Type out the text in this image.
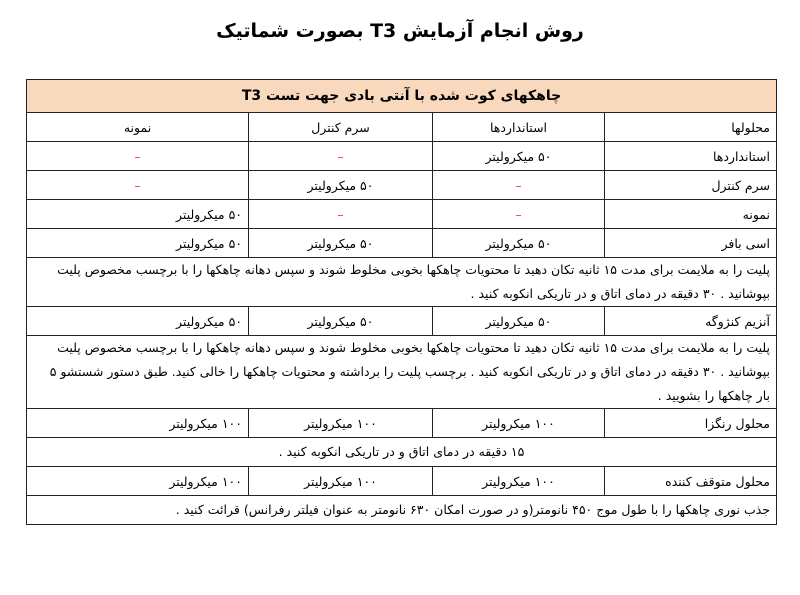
روش انجام آزمایش T3 بصورت شماتیک
چاهکهای کوت شده با آنتی بادی جهت تست T3			
محلولها	استانداردها	سرم کنترل	نمونه
استانداردها	۵۰ میکرولیتر	–	–
سرم کنترل	–	۵۰ میکرولیتر	–
نمونه	–	–	۵۰ میکرولیتر
اسی بافر	۵۰ میکرولیتر	۵۰ میکرولیتر	۵۰ میکرولیتر
پلیت را به ملایمت برای مدت ۱۵ ثانیه تکان دهید تا محتویات چاهکها بخوبی مخلوط شوند و سپس دهانه چاهکها را با برچسب مخصوص پلیت بپوشانید . ۳۰ دقیقه در دمای اتاق و در تاریکی انکوبه کنید .			
آنزیم کنژوگه	۵۰ میکرولیتر	۵۰ میکرولیتر	۵۰ میکرولیتر
پلیت را به ملایمت برای مدت ۱۵ ثانیه تکان دهید تا محتویات چاهکها بخوبی مخلوط شوند و سپس دهانه چاهکها را با برچسب مخصوص پلیت بپوشانید . ۳۰ دقیقه در دمای اتاق و در تاریکی انکوبه کنید . برچسب پلیت را برداشته و محتویات چاهکها را خالی کنید. طبق دستور شستشو ۵ بار چاهکها را بشویید .			
محلول رنگزا	۱۰۰ میکرولیتر	۱۰۰ میکرولیتر	۱۰۰ میکرولیتر
۱۵ دقیقه در دمای اتاق و در تاریکی انکوبه کنید .			
محلول متوقف کننده	۱۰۰ میکرولیتر	۱۰۰ میکرولیتر	۱۰۰ میکرولیتر
جذب نوری چاهکها را با طول موج ۴۵۰ نانومتر(و در صورت امکان ۶۳۰ نانومتر به عنوان فیلتر رفرانس) قرائت کنید .			
